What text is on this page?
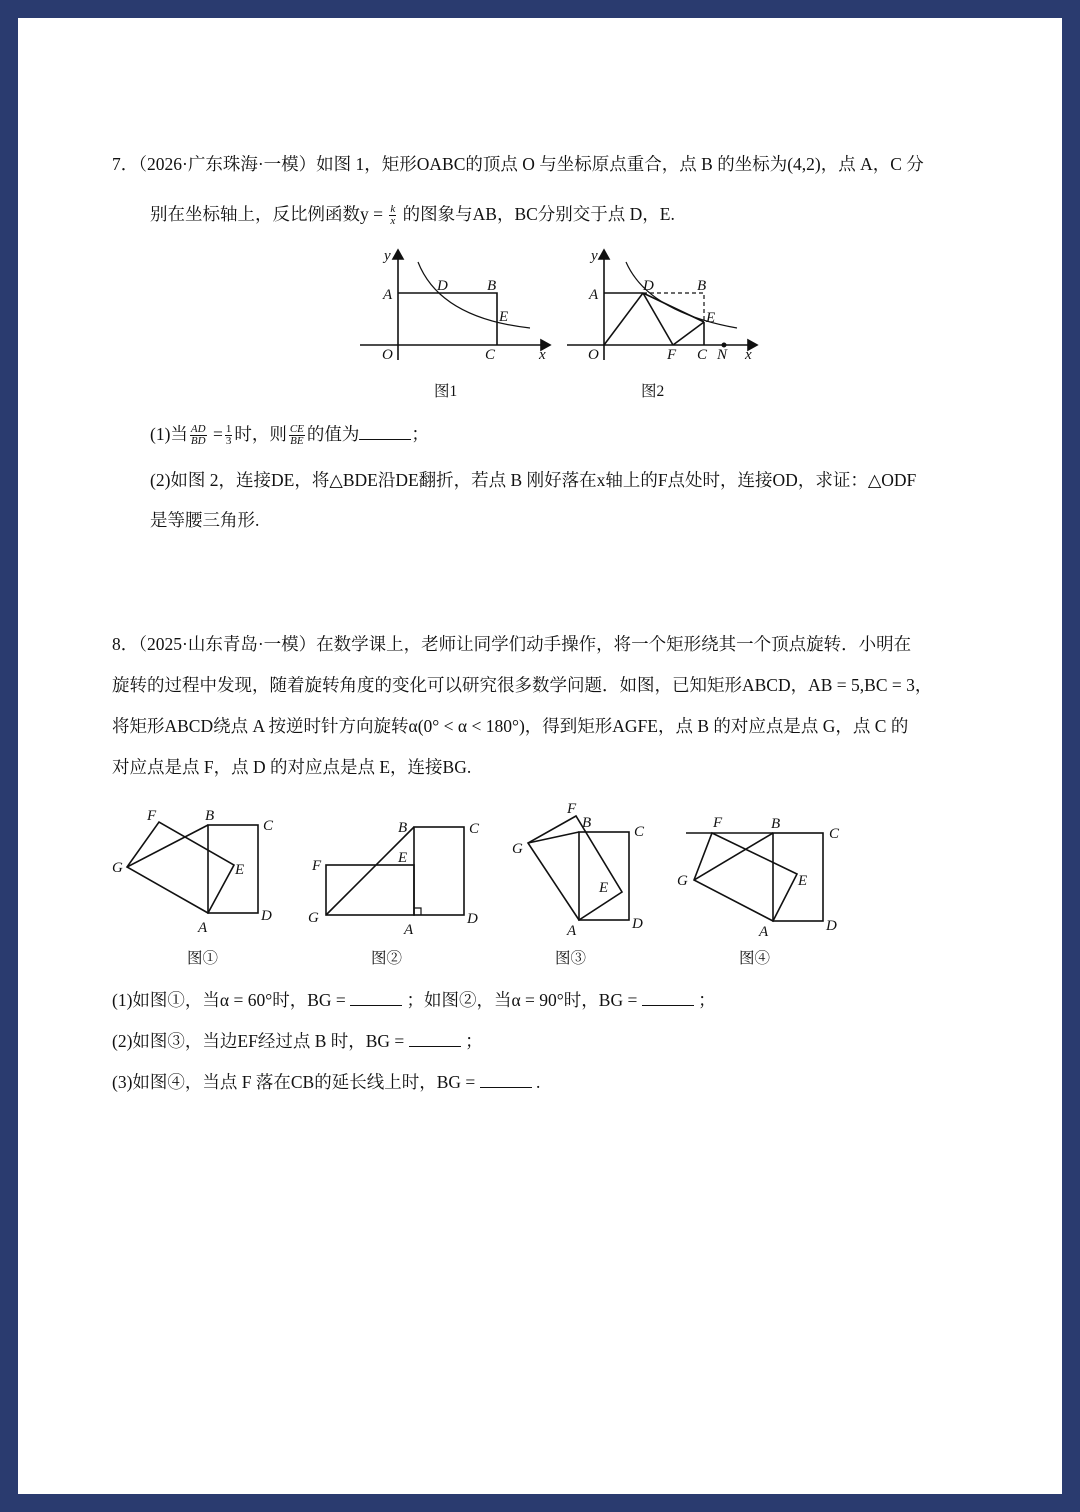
7．（2026·广东珠海·一模）如图 1，矩形OABC的顶点 O 与坐标原点重合，点 B 的坐标为(4,2)，点 A，C 分
别在坐标轴上，反比例函数$y = \frac{k}{x}$ 的图象与AB，BC分别交于点 D，E.
y
x
O
A
B
D
E
C
y
x
O
A
B
D
E
F C N
图1	图2
(1)当 $\frac{AD}{BD} = \frac{1}{3}$ 时，则 $\frac{CE}{BE}$ 的值为	；
(2)如图 2，连接DE，将△BDE沿DE翻折，若点 B 刚好落在x轴上的F点处时，连接OD，求证：△ODF
是等腰三角形.
8．（2025·山东青岛·一模）在数学课上，老师让同学们动手操作，将一个矩形绕其一个顶点旋转．小明在
旋转的过程中发现，随着旋转角度的变化可以研究很多数学问题．如图，已知矩形ABCD，AB = 5,BC = 3，
将矩形ABCD绕点 A 按逆时针方向旋转α(0° < α < 180°)，得到矩形AGFE，点 B 的对应点是点 G，点 C 的
对应点是点 F，点 D 的对应点是点 E，连接BG.
F	B
C
G	E
D
A
B	C
F	E
G
A
D
F
B
C
G
E
D
A
F	B
C
G	E
D
A
图①	图②	图③	图④
(1)如图①，当α = 60°时，BG =	；如图②，当α = 90°时，BG =	；
(2)如图③，当边EF经过点 B 时，BG =	；
(3)如图④，当点 F 落在CB的延长线上时，BG =	.
